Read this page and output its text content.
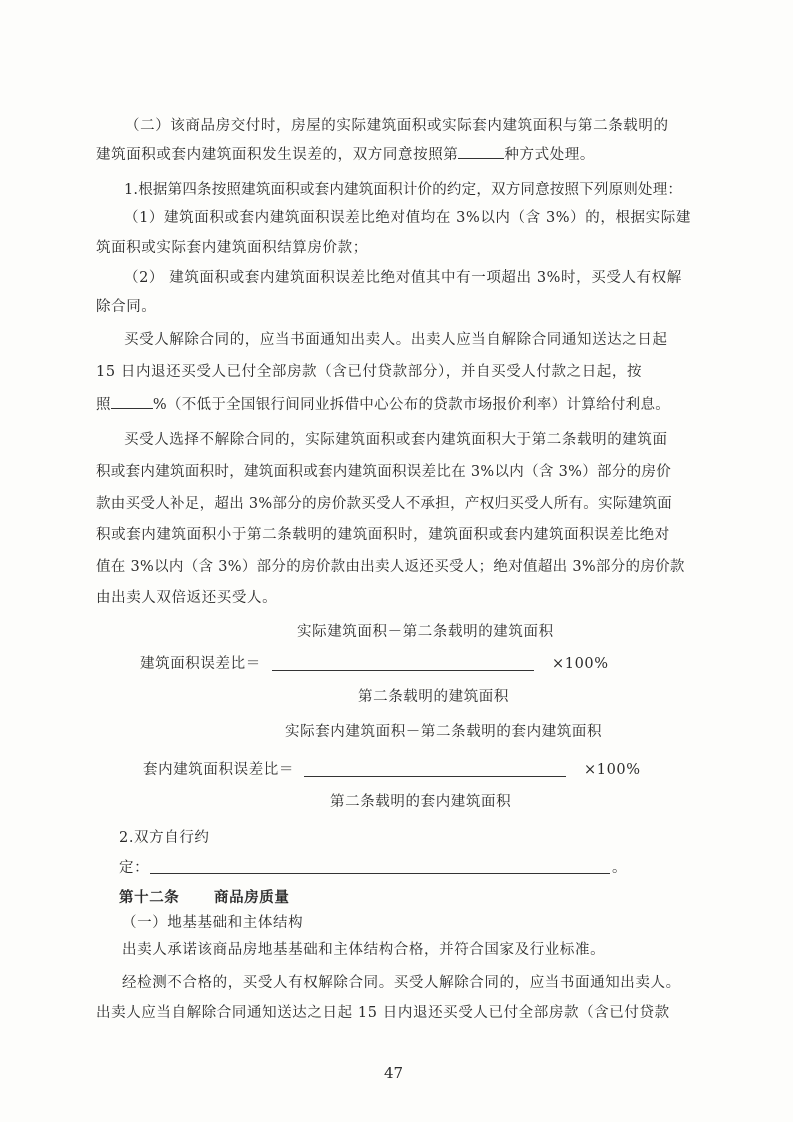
（二）该商品房交付时，房屋的实际建筑面积或实际套内建筑面积与第二条载明的
建筑面积或套内建筑面积发生误差的，双方同意按照第	种方式处理。
1.根据第四条按照建筑面积或套内建筑面积计价的约定，双方同意按照下列原则处理：
（1）建筑面积或套内建筑面积误差比绝对值均在 3%以内（含 3%）的，根据实际建
筑面积或实际套内建筑面积结算房价款；
（2） 建筑面积或套内建筑面积误差比绝对值其中有一项超出 3%时，买受人有权解
除合同。
买受人解除合同的，应当书面通知出卖人。出卖人应当自解除合同通知送达之日起
15 日内退还买受人已付全部房款（含已付贷款部分），并自买受人付款之日起，按
照	%（不低于全国银行间同业拆借中心公布的贷款市场报价利率）计算给付利息。
买受人选择不解除合同的，实际建筑面积或套内建筑面积大于第二条载明的建筑面
积或套内建筑面积时，建筑面积或套内建筑面积误差比在 3%以内（含 3%）部分的房价
款由买受人补足，超出 3%部分的房价款买受人不承担，产权归买受人所有。实际建筑面
积或套内建筑面积小于第二条载明的建筑面积时，建筑面积或套内建筑面积误差比绝对
值在 3%以内（含 3%）部分的房价款由出卖人返还买受人；绝对值超出 3%部分的房价款
由出卖人双倍返还买受人。
实际建筑面积－第二条载明的建筑面积
建筑面积误差比＝	×100%
第二条载明的建筑面积
实际套内建筑面积－第二条载明的套内建筑面积
套内建筑面积误差比＝	×100%
第二条载明的套内建筑面积
2.双方自行约
定：	。
第十二条 商品房质量
（一）地基基础和主体结构
出卖人承诺该商品房地基基础和主体结构合格，并符合国家及行业标准。
经检测不合格的，买受人有权解除合同。买受人解除合同的，应当书面通知出卖人。
出卖人应当自解除合同通知送达之日起 15 日内退还买受人已付全部房款（含已付贷款
47
